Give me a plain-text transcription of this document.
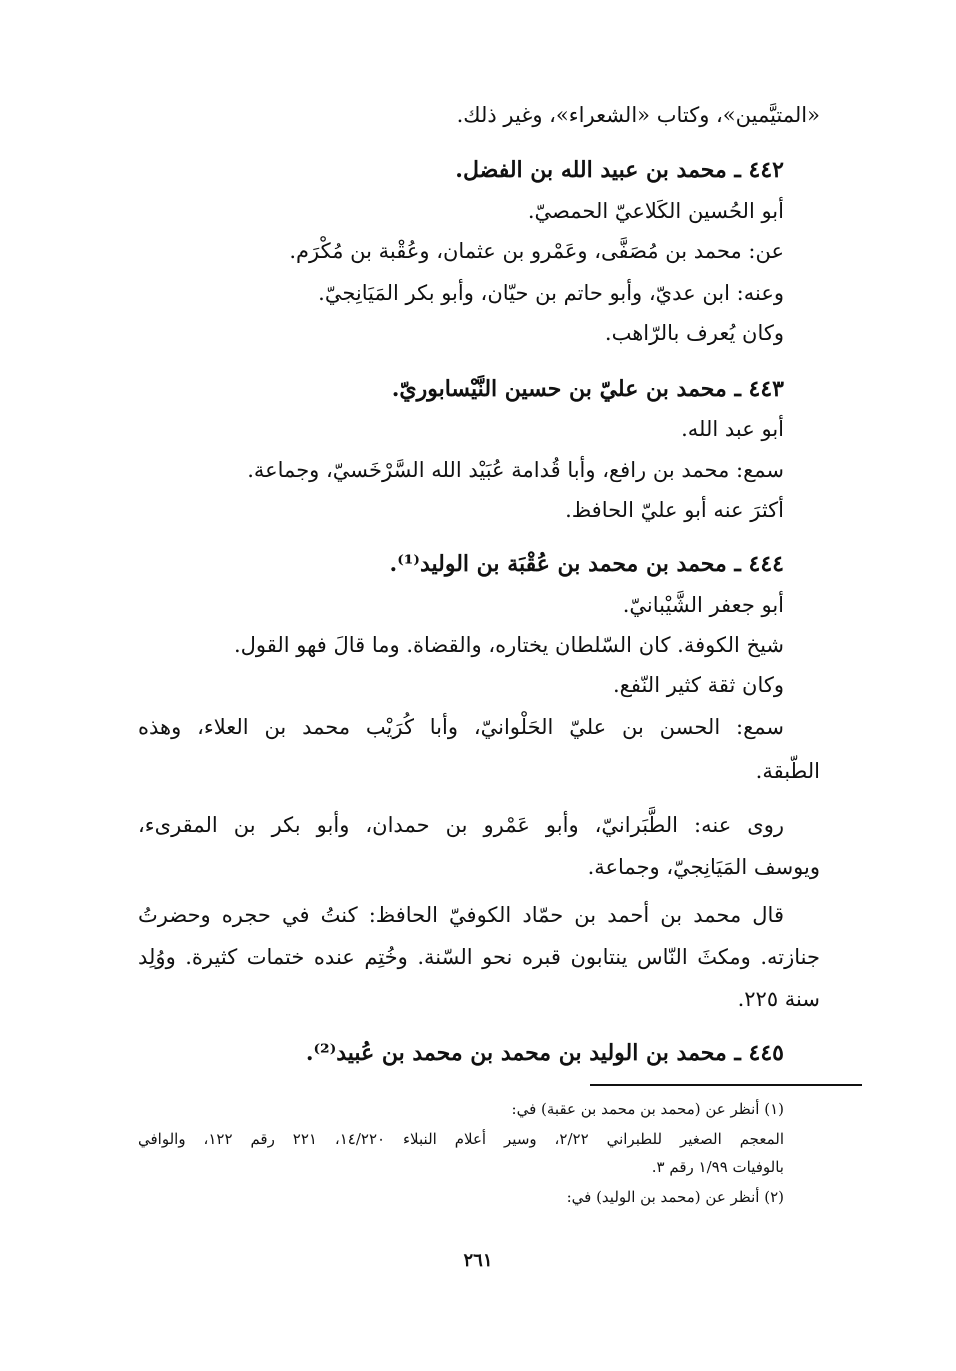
«المتيَّمين»، وكتاب «الشعراء»، وغير ذلك.
٤٤٢ ـ محمد بن عبيد الله بن الفضل.
أبو الحُسين الكَلاعيّ الحمصيّ.
عن: محمد بن مُصَفَّى، وعَمْرو بن عثمان، وعُقْبة بن مُكْرَم.
وعنه: ابن عديّ، وأبو حاتم بن حيّان، وأبو بكر المَيَانِجيّ.
وكان يُعرف بالرّاهب.
٤٤٣ ـ محمد بن عليّ بن حسين النَّيْسابوريّ.
أبو عبد الله.
سمع: محمد بن رافع، وأبا قُدامة عُبَيْد الله السَّرْخَسيّ، وجماعة.
أكثرَ عنه أبو عليّ الحافظ.
٤٤٤ ـ محمد بن محمد بن عُقْبَة بن الوليد⁽¹⁾.
أبو جعفر الشَّيْبانيّ.
شيخ الكوفة. كان السّلطان يختاره، والقضاة. وما قالَ فهو القول.
وكان ثقة كثير النّفع.
سمع: الحسن بن عليّ الحَلْوانيّ، وأبا كُرَيْب محمد بن العلاء، وهذه
الطّبقة.
روى عنه: الطَّبَرانيّ، وأبو عَمْرو بن حمدان، وأبو بكر بن المقرىء،
ويوسف المَيَانِجيّ، وجماعة.
قال محمد بن أحمد بن حمّاد الكوفيّ الحافظ: كنتُ في حجره وحضرتُ
جنازته. ومكثَ النّاس ينتابون قبره نحو السّنة. وخُتِم عنده ختمات كثيرة. ووُلِد
سنة ٢٢٥.
٤٤٥ ـ محمد بن الوليد بن محمد بن محمد بن عُبيد⁽²⁾.
(١) أنظر عن (محمد بن محمد بن عقبة) في:
المعجم الصغير للطبراني ٢/٢٢، وسير أعلام النبلاء ١٤/٢٢٠، ٢٢١ رقم ١٢٢، والوافي
بالوفيات ١/٩٩ رقم ٣.
(٢) أنظر عن (محمد بن الوليد) في:
٢٦١
